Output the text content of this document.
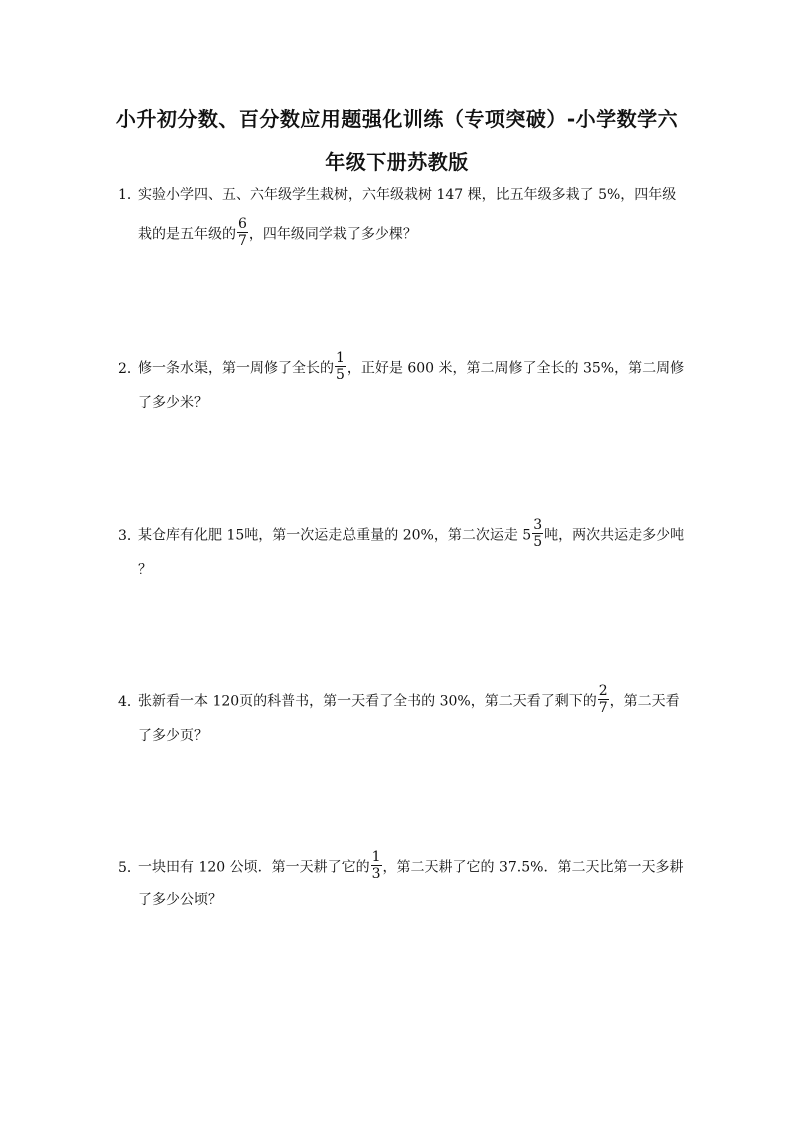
小升初分数、百分数应用题强化训练（专项突破）-小学数学六
年级下册苏教版
1．实验小学四、五、六年级学生栽树，六年级栽树 147 棵，比五年级多栽了 5%，四年级
栽的是五年级的 $\frac{6}{7}$ ，四年级同学栽了多少棵？
2．修一条水渠，第一周修了全长的 $\frac{1}{5}$ ，正好是 600 米，第二周修了全长的 35%，第二周修
了多少米？
3．某仓库有化肥 15吨，第一次运走总重量的 20%，第二次运走 $5 \frac{3}{5}$ 吨，两次共运走多少吨
？
4．张新看一本 120页的科普书，第一天看了全书的 30%，第二天看了剩下的 $\frac{2}{7}$ ，第二天看
了多少页？
5．一块田有 120 公顷．第一天耕了它的 $\frac{1}{3}$ ，第二天耕了它的 37.5%．第二天比第一天多耕
了多少公顷？
